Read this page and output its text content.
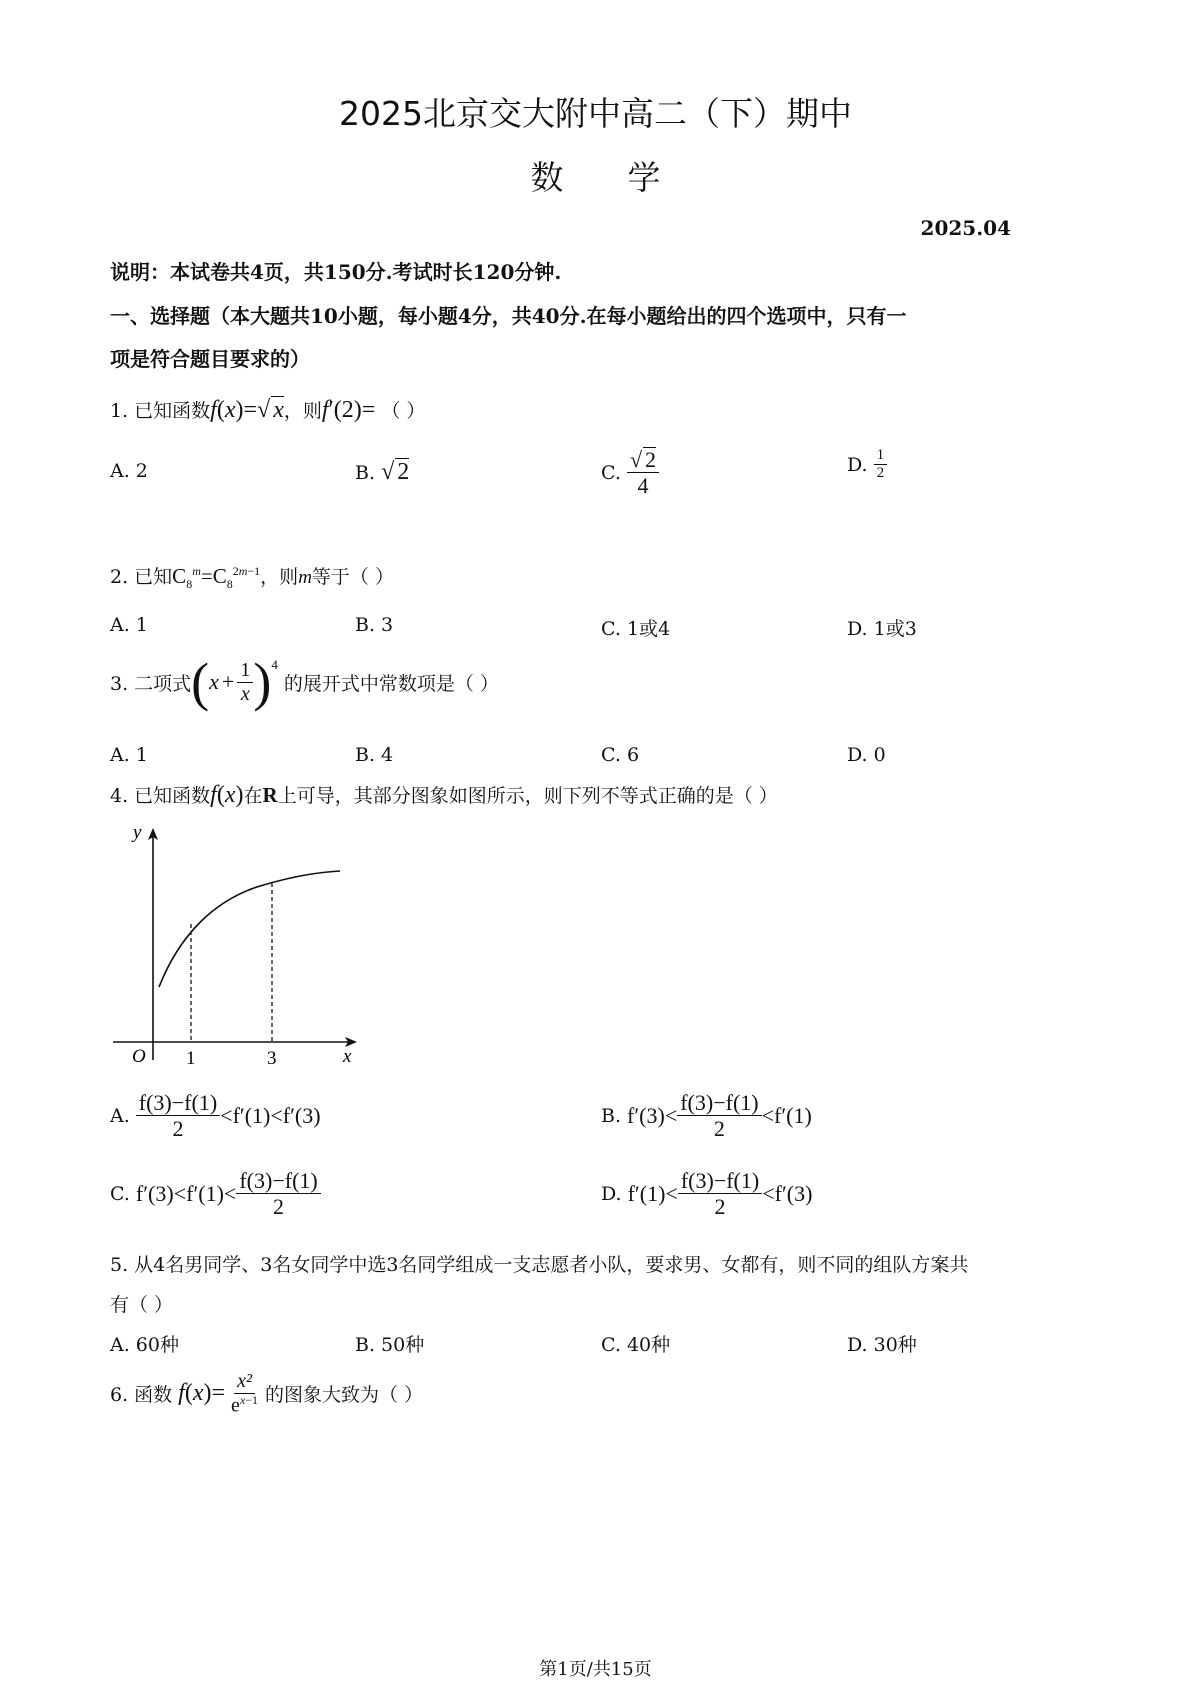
2025北京交大附中高二（下）期中
数学
2025.04
说明：本试卷共4页，共150分.考试时长120分钟.
一、选择题（本大题共10小题，每小题4分，共40分.在每小题给出的四个选项中，只有一
项是符合题目要求的）
1. 已知函数f(x)=√ x，则f′(2)= （ ）
A. 2	B. √ 2	C. $\frac{√ 2}{4}$	D. $\frac{1}{2}$
2. 已知$C_8^m=C_8^{2m-1}$，则m等于（ ）
A. 1	B. 3	C. 1或4	D. 1或3
3. 二项式 ( $x + \frac{1}{x}$ ) 4
的展开式中常数项是（ ）
A. 1	B. 4	C. 6	D. 0
4. 已知函数f(x)在R上可导，其部分图象如图所示，则下列不等式正确的是（ ）
y
x
O 1	3
A. $\frac{f(3)-f(1)}{2} <f'(1)<f'(3)$	B. $f'(3)< \frac{f(3)-f(1)}{2} <f'(1)$
C. $f'(3)<f'(1)< \frac{f(3)-f(1)}{2}$	D. $f'(1)< \frac{f(3)-f(1)}{2} <f'(3)$
5. 从4名男同学、3名女同学中选3名同学组成一支志愿者小队，要求男、女都有，则不同的组队方案共
有（ ）
A. 60种	B. 50种	C. 40种	D. 30种
6. 函数 $f(x)= \frac{\text{x²}}{e^{x-1}}$ 的图象大致为（ ）
第1页/共15页
